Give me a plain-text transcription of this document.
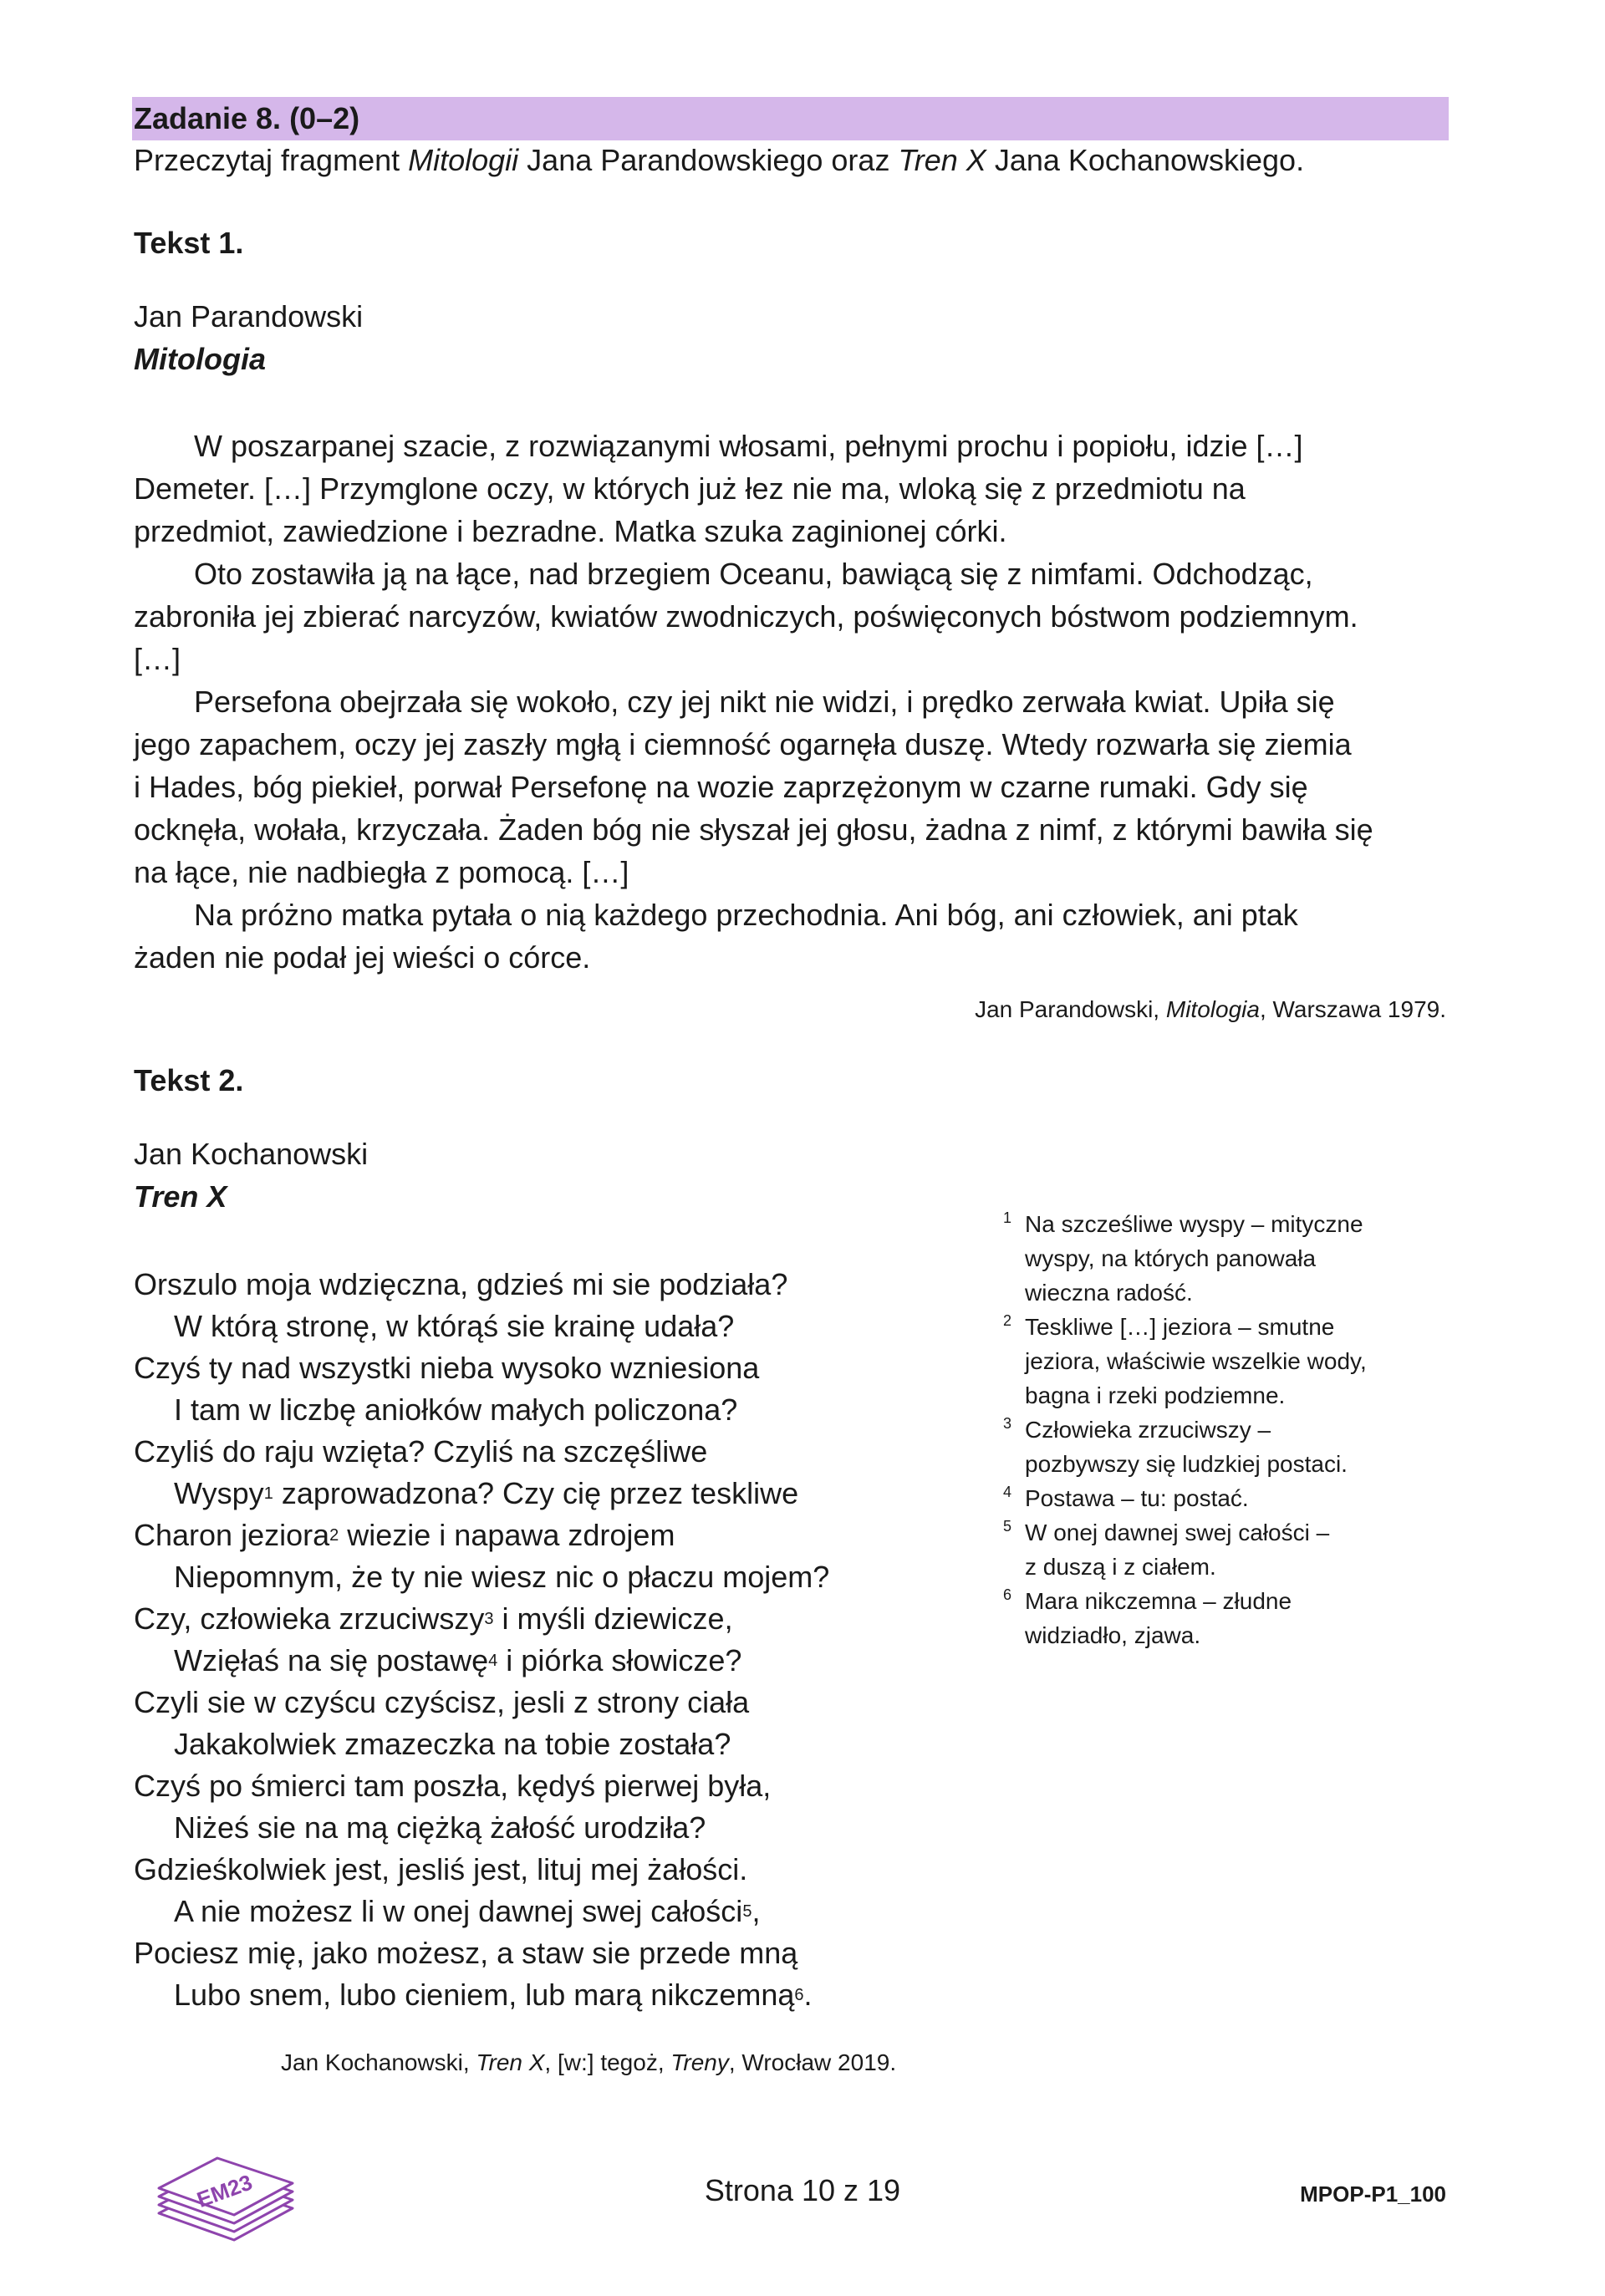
Zadanie 8. (0–2)
Przeczytaj fragment Mitologii Jana Parandowskiego oraz Tren X Jana Kochanowskiego.
Tekst 1.
Jan Parandowski
Mitologia
W poszarpanej szacie, z rozwiązanymi włosami, pełnymi prochu i popiołu, idzie […]
Demeter. […] Przymglone oczy, w których już łez nie ma, wloką się z przedmiotu na
przedmiot, zawiedzione i bezradne. Matka szuka zaginionej córki.
Oto zostawiła ją na łące, nad brzegiem Oceanu, bawiącą się z nimfami. Odchodząc,
zabroniła jej zbierać narcyzów, kwiatów zwodniczych, poświęconych bóstwom podziemnym.
[…]
Persefona obejrzała się wokoło, czy jej nikt nie widzi, i prędko zerwała kwiat. Upiła się
jego zapachem, oczy jej zaszły mgłą i ciemność ogarnęła duszę. Wtedy rozwarła się ziemia
i Hades, bóg piekieł, porwał Persefonę na wozie zaprzężonym w czarne rumaki. Gdy się
ocknęła, wołała, krzyczała. Żaden bóg nie słyszał jej głosu, żadna z nimf, z którymi bawiła się
na łące, nie nadbiegła z pomocą. […]
Na próżno matka pytała o nią każdego przechodnia. Ani bóg, ani człowiek, ani ptak
żaden nie podał jej wieści o córce.
Jan Parandowski, Mitologia, Warszawa 1979.
Tekst 2.
Jan Kochanowski
Tren X
Orszulo moja wdzięczna, gdzieś mi sie podziała?
W którą stronę, w którąś sie krainę udała?
Czyś ty nad wszystki nieba wysoko wzniesiona
I tam w liczbę aniołków małych policzona?
Czyliś do raju wzięta? Czyliś na szczęśliwe
Wyspy$^1$ zaprowadzona? Czy cię przez teskliwe
Charon jeziora$^2$ wiezie i napawa zdrojem
Niepomnym, że ty nie wiesz nic o płaczu mojem?
Czy, człowieka zrzuciwszy$^3$ i myśli dziewicze,
Wzięłaś na się postawę$^4$ i piórka słowicze?
Czyli sie w czyścu czyścisz, jesli z strony ciała
Jakakolwiek zmazeczka na tobie została?
Czyś po śmierci tam poszła, kędyś pierwej była,
Niżeś sie na mą ciężką żałość urodziła?
Gdzieśkolwiek jest, jesliś jest, lituj mej żałości.
A nie możesz li w onej dawnej swej całości$^5$,
Pociesz mię, jako możesz, a staw sie przede mną
Lubo snem, lubo cieniem, lub marą nikczemną$^6$.
Jan Kochanowski, Tren X, [w:] tegoż, Treny, Wrocław 2019.
1 Na szcześliwe wyspy – mityczne
wyspy, na których panowała
wieczna radość.
2 Teskliwe […] jeziora – smutne
jeziora, właściwie wszelkie wody,
bagna i rzeki podziemne.
3 Człowieka zrzuciwszy –
pozbywszy się ludzkiej postaci.
4 Postawa – tu: postać.
5 W onej dawnej swej całości –
z duszą i z ciałem.
6 Mara nikczemna – złudne
widziadło, zjawa.
EM23	Strona 10 z 19	MPOP-P1_100
